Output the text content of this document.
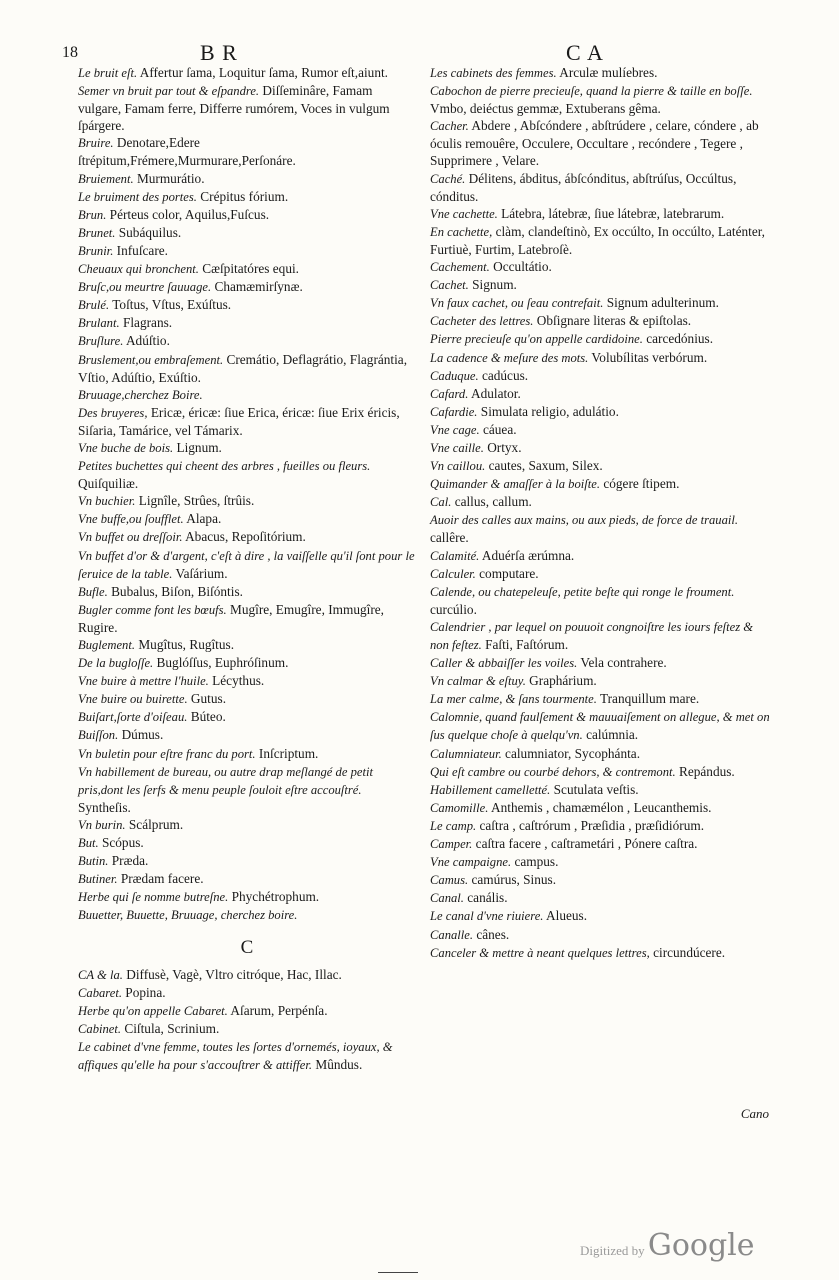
18	B R	C A
Le bruit eſt. Affertur ſama, Loquitur ſama, Rumor eſt,aiunt.
Semer vn bruit par tout & eſpandre. Diſſeminâre, Famam vulgare, Famam ferre, Differre rumórem, Voces in vulgum ſpárgere.
Bruire. Denotare,Edere ſtrépitum,Frémere,Murmurare,Perſonáre.
Bruiement. Murmurátio.
Le bruiment des portes. Crépitus fórium.
Brun. Pérteus color, Aquilus,Fuſcus.
Brunet. Subáquilus.
Brunir. Infuſcare.
Cheuaux qui bronchent. Cæſpitatóres equi.
Bruſc,ou meurtre ſauuage. Chamæmirſynæ.
Brulé. Toſtus, Vſtus, Exúſtus.
Brulant. Flagrans.
Bruſlure. Adúſtio.
Bruslement,ou embraſement. Cremátio, Deflagrátio, Flagrántia, Vſtio, Adúſtio, Exúſtio.
Bruuage,cherchez Boire.
Des bruyeres, Ericæ, éricæ: ſiue Erica, éricæ: ſiue Erix éricis, Siſaria, Tamárice, vel Támarix.
Vne buche de bois. Lignum.
Petites buchettes qui cheent des arbres , fueilles ou fleurs. Quiſquiliæ.
Vn buchier. Lignîle, Strûes, ſtrûis.
Vne buffe,ou ſoufflet. Alapa.
Vn buffet ou dreſſoir. Abacus, Repoſitórium.
Vn buffet d'or & d'argent, c'eſt à dire , la vaiſſelle qu'il ſont pour le ſeruice de la table. Vaſárium.
Bufle. Bubalus, Biſon, Biſóntis.
Bugler comme font les bœufs. Mugîre, Emugîre, Immugîre, Rugire.
Buglement. Mugîtus, Rugîtus.
De la bugloſſe. Buglóſſus, Euphróſinum.
Vne buire à mettre l'huile. Lécythus.
Vne buire ou buirette. Gutus.
Buiſart,ſorte d'oiſeau. Búteo.
Buiſſon. Dúmus.
Vn buletin pour eſtre franc du port. Inſcriptum.
Vn habillement de bureau, ou autre drap meſlangé de petit pris,dont les ſerfs & menu peuple ſouloit eſtre accouſtré. Syntheſis.
Vn burin. Scálprum.
But. Scópus.
Butin. Præda.
Butiner. Prædam facere.
Herbe qui ſe nomme butreſne. Phychétrophum.
Buuetter, Buuette, Bruuage, cherchez boire.
C
CA & la. Diffusè, Vagè, Vltro citróque, Hac, Illac.
Cabaret. Popina.
Herbe qu'on appelle Cabaret. Aſarum, Perpénſa.
Cabinet. Ciſtula, Scrinium.
Le cabinet d'vne femme, toutes les ſortes d'ornemés, ioyaux, & affiques qu'elle ha pour s'accouſtrer & attiffer. Mûndus.
Les cabinets des femmes. Arculæ mulíebres.
Cabochon de pierre precieuſe, quand la pierre & taille en boſſe. Vmbo, deiéctus gemmæ, Extuberans gêma.
Cacher. Abdere , Abſcóndere , abſtrúdere , celare, cóndere , ab óculis remouêre, Occulere, Occultare , recóndere , Tegere , Supprimere , Velare.
Caché. Délitens, ábditus, ábſcónditus, abſtrúſus, Occúltus, cónditus.
Vne cachette. Látebra, látebræ, ſiue látebræ, latebrarum.
En cachette, clàm, clandeſtinò, Ex occúlto, In occúlto, Laténter, Furtiuè, Furtim, Latebroſè.
Cachement. Occultátio.
Cachet. Signum.
Vn faux cachet, ou ſeau contrefait. Signum adulterinum.
Cacheter des lettres. Obſignare literas & epiſtolas.
Pierre precieuſe qu'on appelle cardidoine. carcedónius.
La cadence & meſure des mots. Volubílitas verbórum.
Caduque. cadúcus.
Cafard. Adulator.
Cafardie. Simulata religio, adulátio.
Vne cage. cáuea.
Vne caille. Ortyx.
Vn caillou. cautes, Saxum, Silex.
Quimander & amaſſer à la boiſte. cógere ſtipem.
Cal. callus, callum.
Auoir des calles aux mains, ou aux pieds, de force de trauail. callêre.
Calamité. Aduérſa ærúmna.
Calculer. computare.
Calende, ou chatepeleuſe, petite beſte qui ronge le froument. curcúlio.
Calendrier , par lequel on pouuoit congnoiſtre les iours feſtez & non feſtez. Faſti, Faſtórum.
Caller & abbaiſſer les voiles. Vela contrahere.
Vn calmar & eſtuy. Graphárium.
La mer calme, & ſans tourmente. Tranquillum mare.
Calomnie, quand faulſement & mauuaiſement on allegue, & met on ſus quelque choſe à quelqu'vn. calúmnia.
Calumniateur. calumniator, Sycophánta.
Qui eſt cambre ou courbé dehors, & contremont. Repándus.
Habillement camelletté. Scutulata veſtis.
Camomille. Anthemis , chamæmélon , Leucanthemis.
Le camp. caſtra , caſtrórum , Præſidia , præſidiórum.
Camper. caſtra facere , caſtrametári , Pónere caſtra.
Vne campaigne. campus.
Camus. camúrus, Sinus.
Canal. canális.
Le canal d'vne riuiere. Alueus.
Canalle. cânes.
Canceler & mettre à neant quelques lettres, circundúcere.
Cano
Digitized by Google
